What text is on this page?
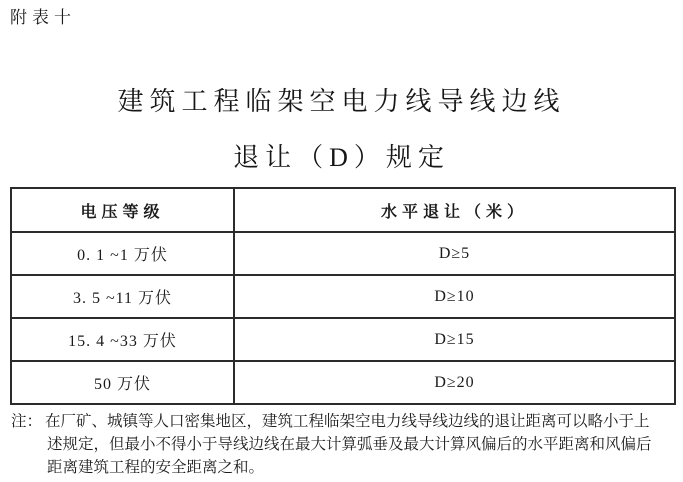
附表十
建筑工程临架空电力线导线边线
退让（D）规定
电压等级	水平退让（米）
0. 1 ~1 万伏	D≥5
3. 5 ~11 万伏	D≥10
15. 4 ~33 万伏	D≥15
50 万伏	D≥20
注： 在厂矿、城镇等人口密集地区，建筑工程临架空电力线导线边线的退让距离可以略小于上
述规定，但最小不得小于导线边线在最大计算弧垂及最大计算风偏后的水平距离和风偏后
距离建筑工程的安全距离之和。
